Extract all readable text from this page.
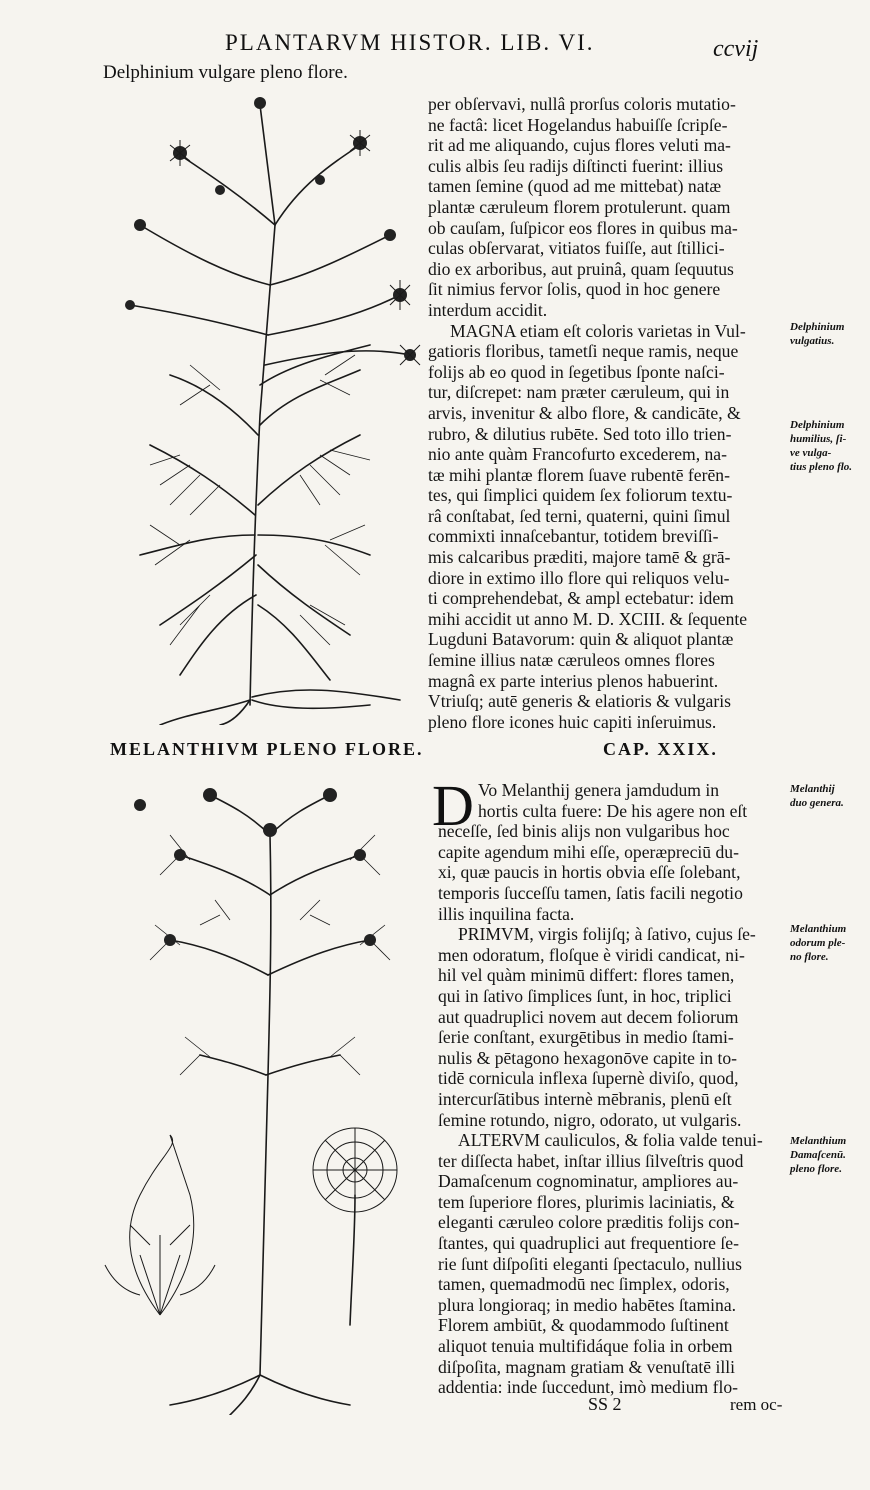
PLANTARVM HISTOR. LIB. VI.	ccvij
Delphinium vulgare pleno flore.
per obſervavi, nullâ prorſus coloris mutatio-
ne factâ: licet Hogelandus habuiſſe ſcripſe-
rit ad me aliquando, cujus flores veluti ma-
culis albis ſeu radijs diſtincti fuerint: illius
tamen ſemine (quod ad me mittebat) natæ
plantæ cæruleum florem protulerunt. quam
ob cauſam, ſuſpicor eos flores in quibus ma-
culas obſervarat, vitiatos fuiſſe, aut ſtillici-
dio ex arboribus, aut pruinâ, quam ſequutus
ſit nimius fervor ſolis, quod in hoc genere
interdum accidit.
MAGNA etiam eſt coloris varietas in Vul-
gatioris floribus, tametſi neque ramis, neque
folijs ab eo quod in ſegetibus ſponte naſci-
tur, diſcrepet: nam præter cæruleum, qui in
arvis, invenitur & albo flore, & candicāte, &
rubro, & dilutius rubēte. Sed toto illo trien-
nio ante quàm Francofurto excederem, na-
tæ mihi plantæ florem ſuave rubentē ferēn-
tes, qui ſimplici quidem ſex foliorum textu-
râ conſtabat, ſed terni, quaterni, quini ſimul
commixti innaſcebantur, totidem breviſſi-
mis calcaribus præditi, majore tamē & grā-
diore in extimo illo flore qui reliquos velu-
ti comprehendebat, & ampl ectebatur: idem
mihi accidit ut anno M. D. XCIII. & ſequente
Lugduni Batavorum: quin & aliquot plantæ
ſemine illius natæ cæruleos omnes flores
magnâ ex parte interius plenos habuerint.
Vtriuſq; autē generis & elatioris & vulgaris
pleno flore icones huic capiti inſeruimus.
Delphinium
vulgatius.
Delphinium
humilius, ſi-
ve vulga-
tius pleno flo.
MELANTHIVM PLENO FLORE.	CAP. XXIX.
D Vo Melanthij genera jamdudum in
hortis culta fuere: De his agere non eſt
neceſſe, ſed binis alijs non vulgaribus hoc
capite agendum mihi eſſe, operæpreciū du-
xi, quæ paucis in hortis obvia eſſe ſolebant,
temporis ſucceſſu tamen, ſatis facili negotio
illis inquilina facta.
PRIMVM, virgis folijſq; à ſativo, cujus ſe-
men odoratum, floſque è viridi candicat, ni-
hil vel quàm minimū differt: flores tamen,
qui in ſativo ſimplices ſunt, in hoc, triplici
aut quadruplici novem aut decem foliorum
ſerie conſtant, exurgētibus in medio ſtami-
nulis & pētagono hexagonōve capite in to-
tidē cornicula inflexa ſupernè diviſo, quod,
intercurſātibus internè mēbranis, plenū eſt
ſemine rotundo, nigro, odorato, ut vulgaris.
ALTERVM cauliculos, & folia valde tenui-
ter diſſecta habet, inſtar illius ſilveſtris quod
Damaſcenum cognominatur, ampliores au-
tem ſuperiore flores, plurimis laciniatis, &
eleganti cæruleo colore præditis folijs con-
ſtantes, qui quadruplici aut frequentiore ſe-
rie ſunt diſpoſiti eleganti ſpectaculo, nullius
tamen, quemadmodū nec ſimplex, odoris,
plura longioraq; in medio habētes ſtamina.
Florem ambiūt, & quodammodo ſuſtinent
aliquot tenuia multifidáque folia in orbem
diſpoſita, magnam gratiam & venuſtatē illi
addentia: inde ſuccedunt, imò medium flo-
Melanthij
duo genera.
Melanthium
odorum ple-
no flore.
Melanthium
Damaſcenū.
pleno flore.
SS 2	rem oc-
